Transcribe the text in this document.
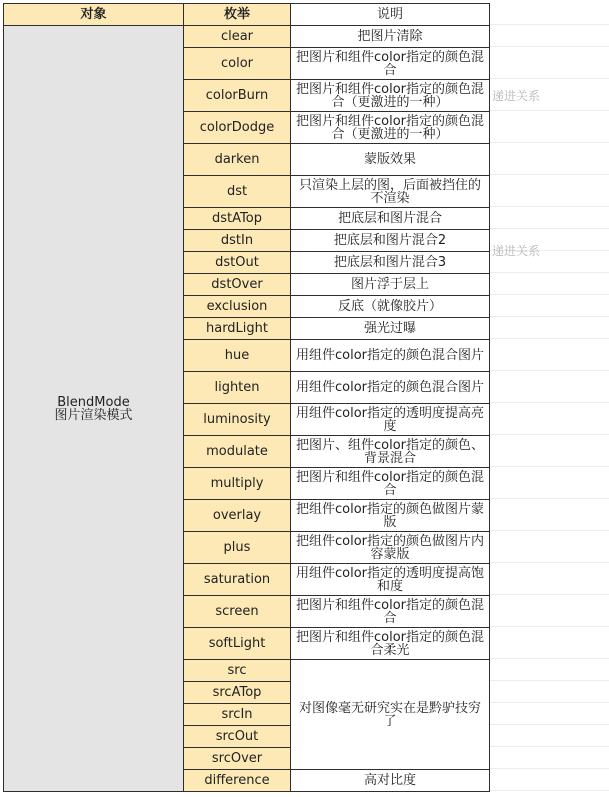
对象	枚举	说明
BlendMode
图片渲染模式	clear	把图片清除
	color	把图片和组件color指定的颜色混合
	colorBurn	把图片和组件color指定的颜色混合（更激进的一种）
	colorDodge	把图片和组件color指定的颜色混合（更激进的一种）
	darken	蒙版效果
	dst	只渲染上层的图，后面被挡住的不渲染
	dstATop	把底层和图片混合
	dstIn	把底层和图片混合2
	dstOut	把底层和图片混合3
	dstOver	图片浮于层上
	exclusion	反底（就像胶片）
	hardLight	强光过曝
	hue	用组件color指定的颜色混合图片
	lighten	用组件color指定的颜色混合图片
	luminosity	用组件color指定的透明度提高亮度
	modulate	把图片、组件color指定的颜色、背景混合
	multiply	把图片和组件color指定的颜色混合
	overlay	把组件color指定的颜色做图片蒙版
	plus	把组件color指定的颜色做图片内容蒙版
	saturation	用组件color指定的透明度提高饱和度
	screen	把图片和组件color指定的颜色混合
	softLight	把图片和组件color指定的颜色混合柔光
	src	对图像毫无研究实在是黔驴技穷了
	srcATop	
	srcIn	
	srcOut	
	srcOver	
	difference	高对比度
递进关系
递进关系
